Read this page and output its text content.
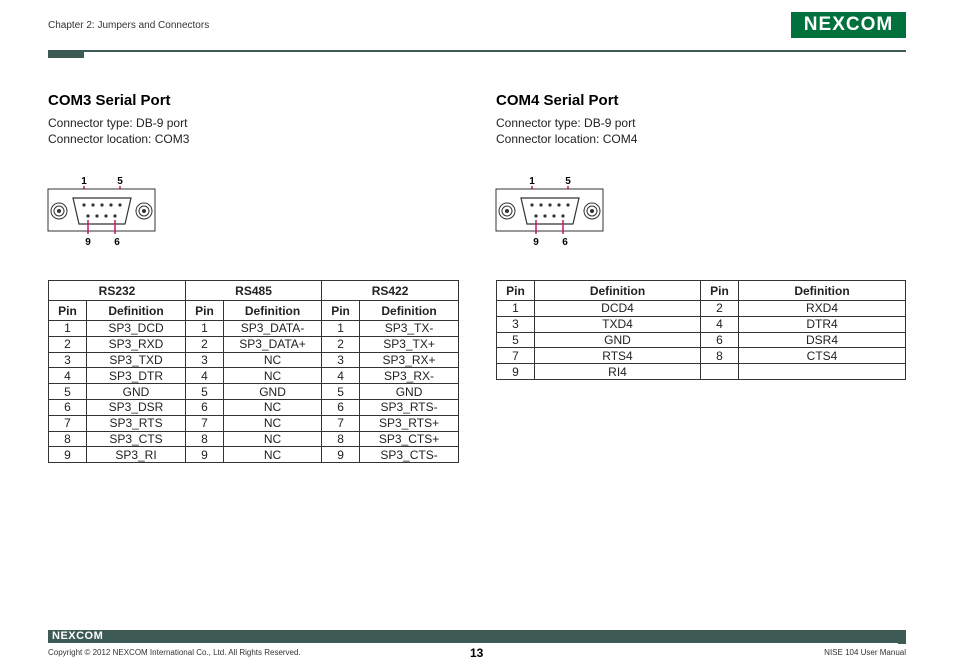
Chapter 2: Jumpers and Connectors	NEXCOM
COM3 Serial Port
Connector type: DB-9 port
Connector location: COM3
1	5
9 6
RS232		RS485		RS422	
Pin	Definition	Pin	Definition	Pin	Definition
1	SP3_DCD	1	SP3_DATA-	1	SP3_TX-
2	SP3_RXD	2	SP3_DATA+	2	SP3_TX+
3	SP3_TXD	3	NC	3	SP3_RX+
4	SP3_DTR	4	NC	4	SP3_RX-
5	GND	5	GND	5	GND
6	SP3_DSR	6	NC	6	SP3_RTS-
7	SP3_RTS	7	NC	7	SP3_RTS+
8	SP3_CTS	8	NC	8	SP3_CTS+
9	SP3_RI	9	NC	9	SP3_CTS-
COM4 Serial Port
Connector type: DB-9 port
Connector location: COM4
1	5
9 6
Pin	Definition	Pin	Definition
1	DCD4	2	RXD4
3	TXD4	4	DTR4
5	GND	6	DSR4
7	RTS4	8	CTS4
9	RI4		
NEXCOM
Copyright © 2012 NEXCOM International Co., Ltd. All Rights Reserved.	13	NISE 104 User Manual
